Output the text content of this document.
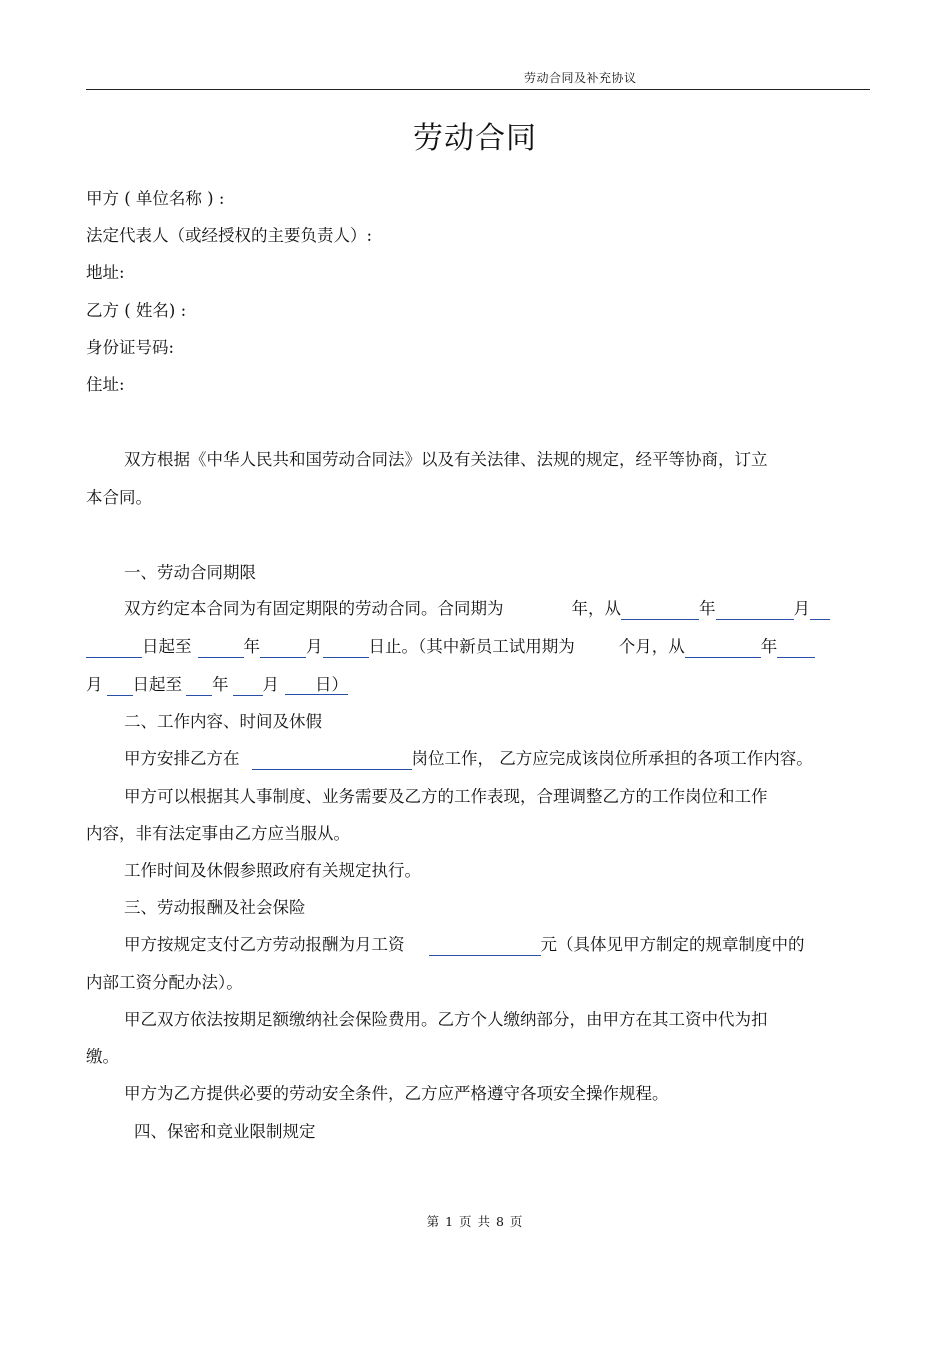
劳动合同及补充协议
劳动合同
甲方 ( 单位名称 ) :
法定代表人（或经授权的主要负责人）:
地址:
乙方 ( 姓名) :
身份证号码:
住址:
双方根据《中华人民共和国劳动合同法》以及有关法律、法规的规定，经平等协商，订立
本合同。
一、劳动合同期限
双方约定本合同为有固定期限的劳动合同。合同期为	年，从	年	月
日起至	年	月	日止。（其中新员工试用期为	个月，从	年
月 日起至 年 月 日）
二、工作内容、时间及休假
甲方安排乙方在	岗位工作， 乙方应完成该岗位所承担的各项工作内容。
甲方可以根据其人事制度、业务需要及乙方的工作表现，合理调整乙方的工作岗位和工作
内容，非有法定事由乙方应当服从。
工作时间及休假参照政府有关规定执行。
三、劳动报酬及社会保险
甲方按规定支付乙方劳动报酬为月工资	元（具体见甲方制定的规章制度中的
内部工资分配办法）。
甲乙双方依法按期足额缴纳社会保险费用。乙方个人缴纳部分，由甲方在其工资中代为扣
缴。
甲方为乙方提供必要的劳动安全条件，乙方应严格遵守各项安全操作规程。
四、保密和竞业限制规定
第 1 页 共 8 页
